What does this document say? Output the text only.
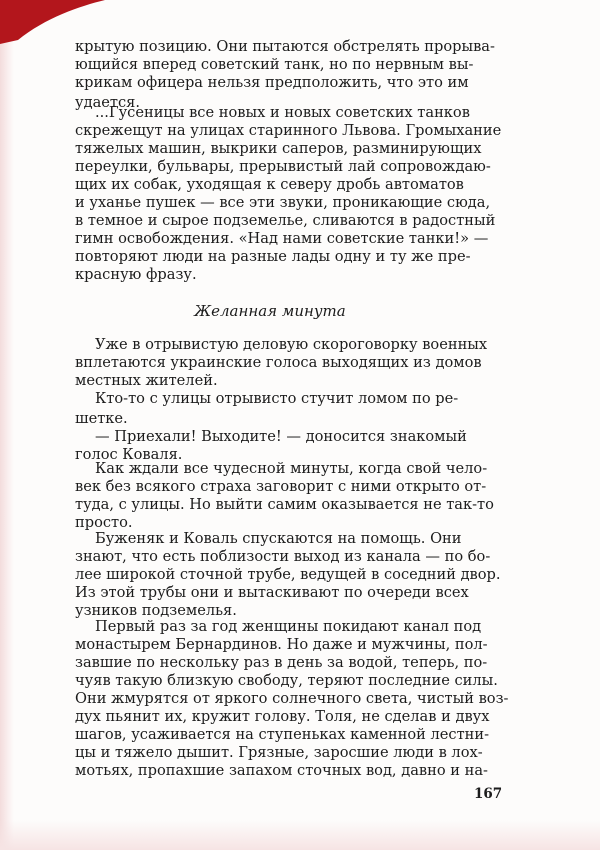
крытую позицию. Они пытаются обстрелять прорыва-
ющийся вперед советский танк, но по нервным вы-
крикам офицера нельзя предположить, что это им
удается.
...Гусеницы все новых и новых советских танков
скрежещут на улицах старинного Львова. Громыхание
тяжелых машин, выкрики саперов, разминирующих
переулки, бульвары, прерывистый лай сопровождаю-
щих их собак, уходящая к северу дробь автоматов
и уханье пушек — все эти звуки, проникающие сюда,
в темное и сырое подземелье, сливаются в радостный
гимн освобождения. «Над нами советские танки!» —
повторяют люди на разные лады одну и ту же пре-
красную фразу.
Желанная минута
Уже в отрывистую деловую скороговорку военных
вплетаются украинские голоса выходящих из домов
местных жителей.
Кто-то с улицы отрывисто стучит ломом по ре-
шетке.
— Приехали! Выходите! — доносится знакомый
голос Коваля.
Как ждали все чудесной минуты, когда свой чело-
век без всякого страха заговорит с ними открыто от-
туда, с улицы. Но выйти самим оказывается не так-то
просто.
Буженяк и Коваль спускаются на помощь. Они
знают, что есть поблизости выход из канала — по бо-
лее широкой сточной трубе, ведущей в соседний двор.
Из этой трубы они и вытаскивают по очереди всех
узников подземелья.
Первый раз за год женщины покидают канал под
монастырем Бернардинов. Но даже и мужчины, пол-
завшие по нескольку раз в день за водой, теперь, по-
чуяв такую близкую свободу, теряют последние силы.
Они жмурятся от яркого солнечного света, чистый воз-
дух пьянит их, кружит голову. Толя, не сделав и двух
шагов, усаживается на ступеньках каменной лестни-
цы и тяжело дышит. Грязные, заросшие люди в лох-
мотьях, пропахшие запахом сточных вод, давно и на-
167
